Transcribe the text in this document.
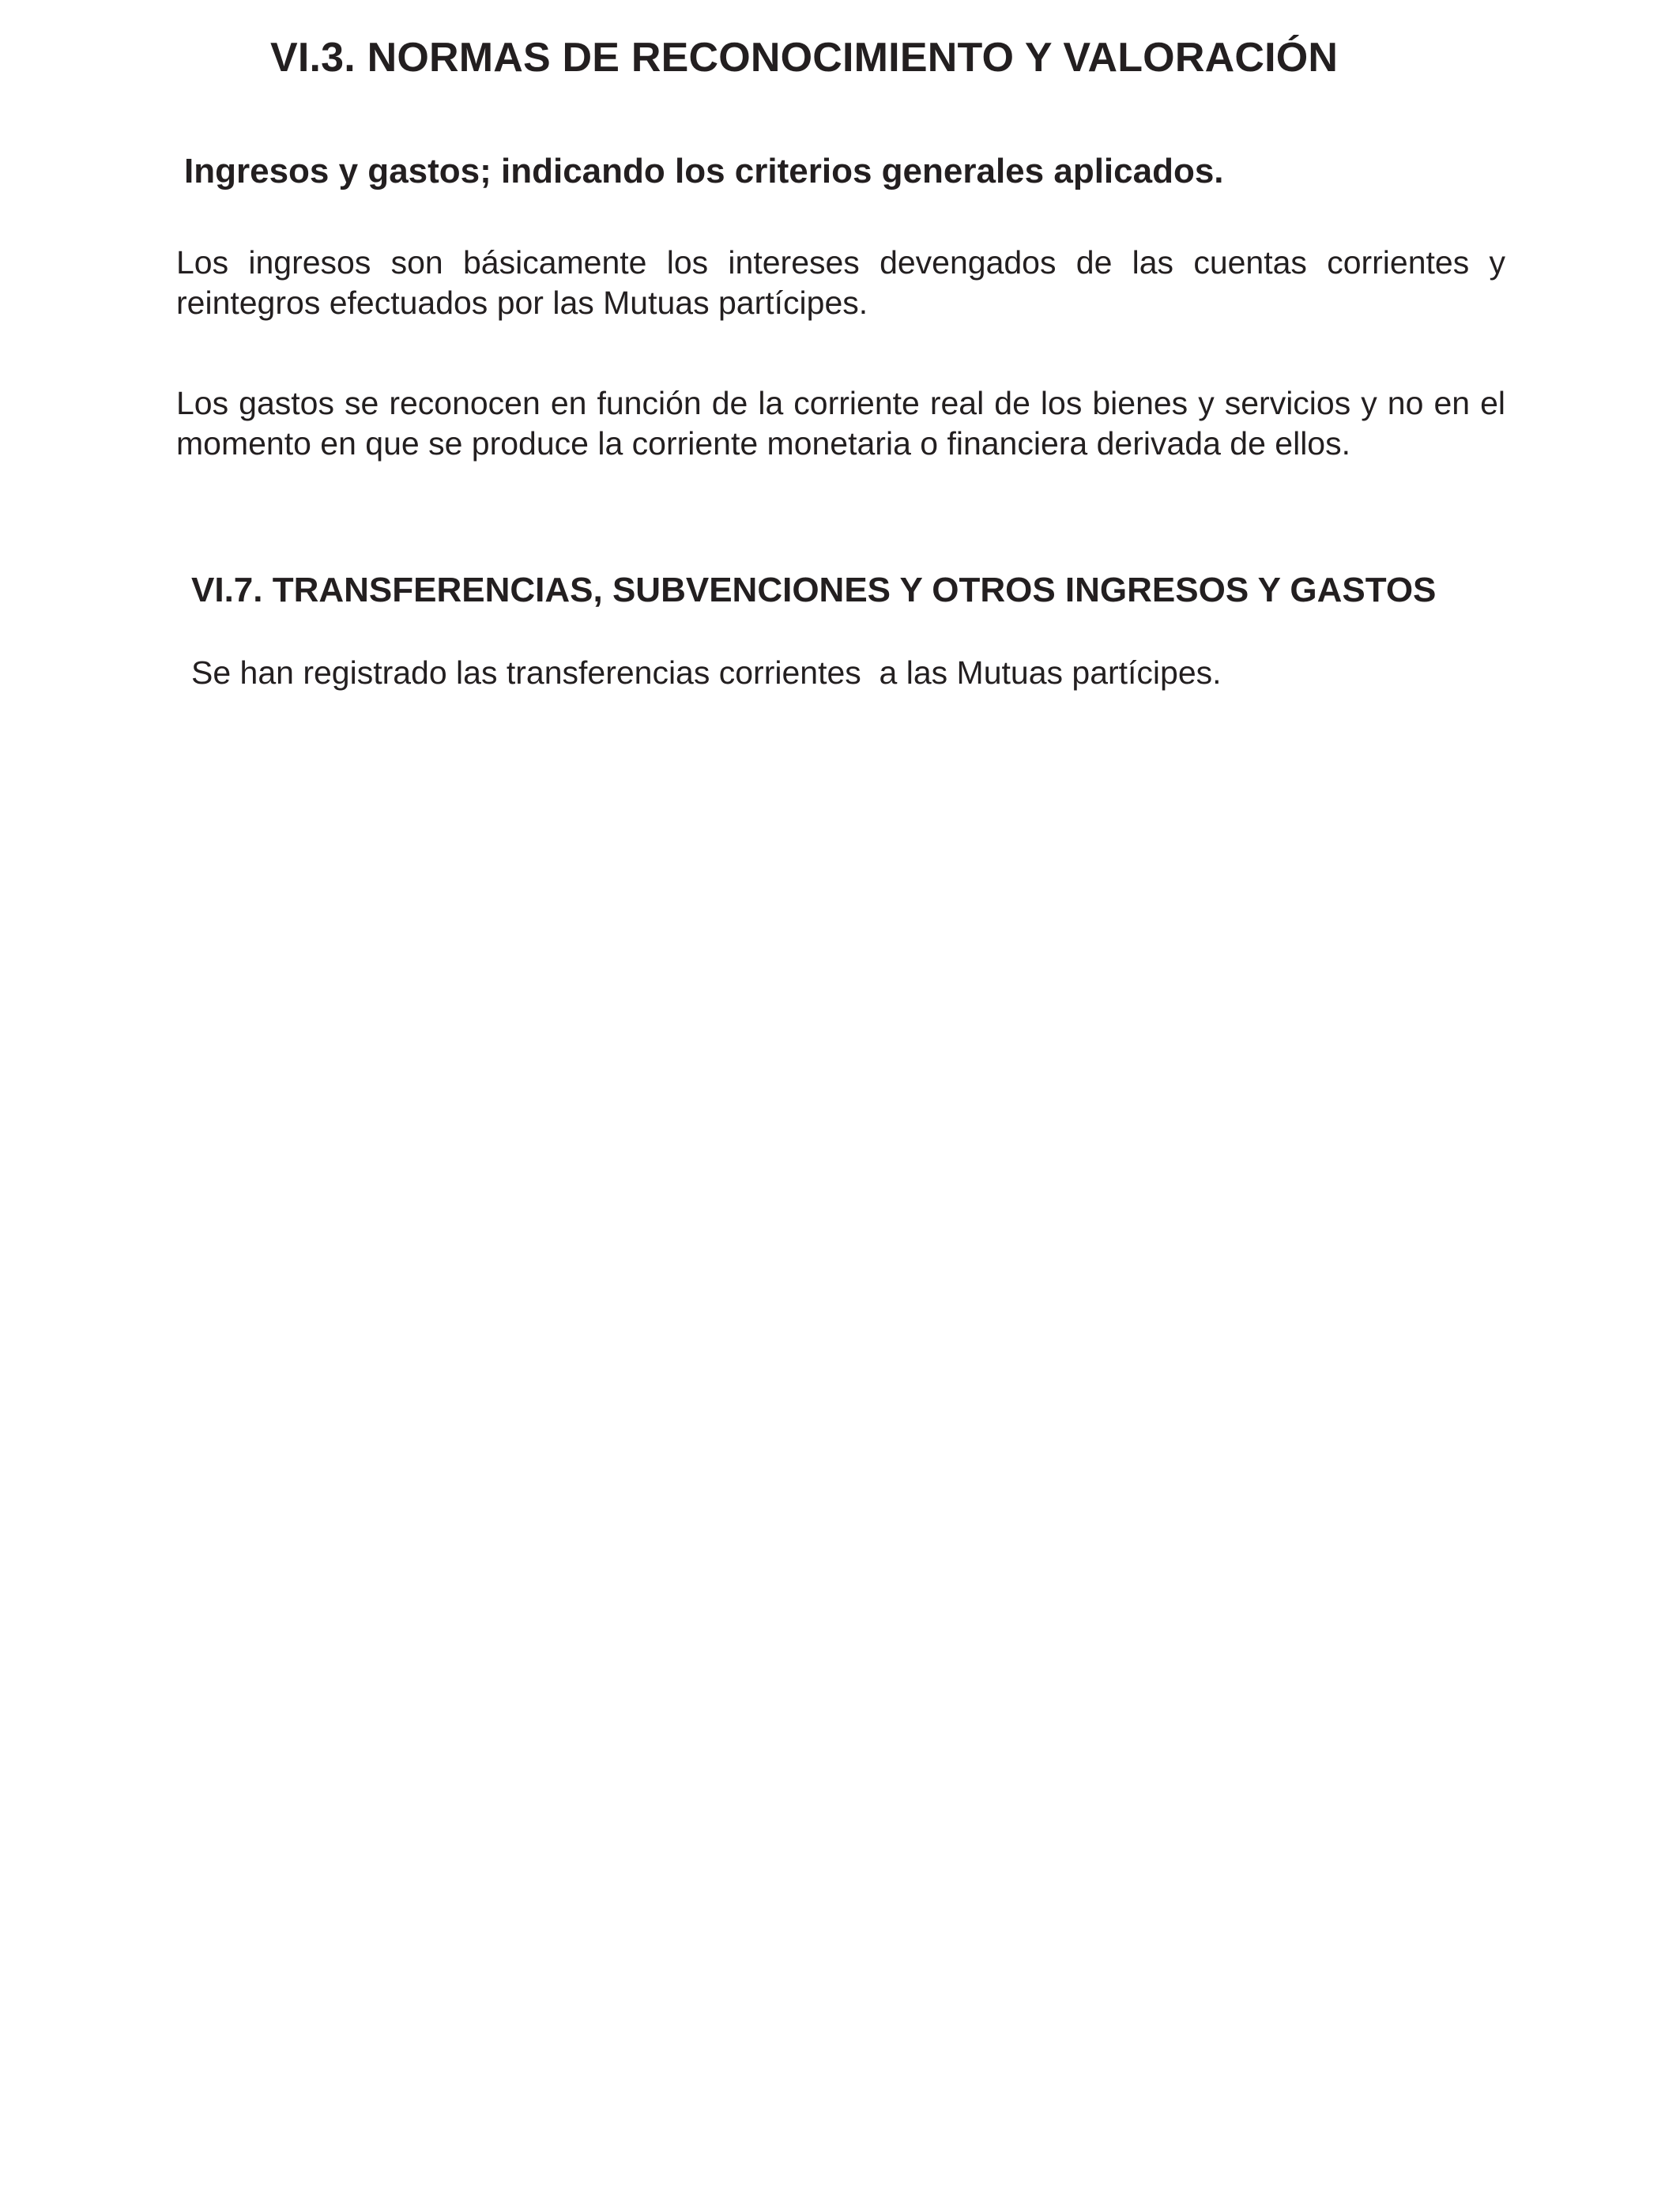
VI.3. NORMAS DE RECONOCIMIENTO Y VALORACIÓN
Ingresos y gastos; indicando los criterios generales aplicados.

Los ingresos son básicamente los intereses devengados de las cuentas corrientes y reintegros efectuados por las Mutuas partícipes.

Los gastos se reconocen en función de la corriente real de los bienes y servicios y no en el momento en que se produce la corriente monetaria o financiera derivada de ellos.

VI.7. TRANSFERENCIAS, SUBVENCIONES Y OTROS INGRESOS Y GASTOS

Se han registrado las transferencias corrientes  a las Mutuas partícipes.
